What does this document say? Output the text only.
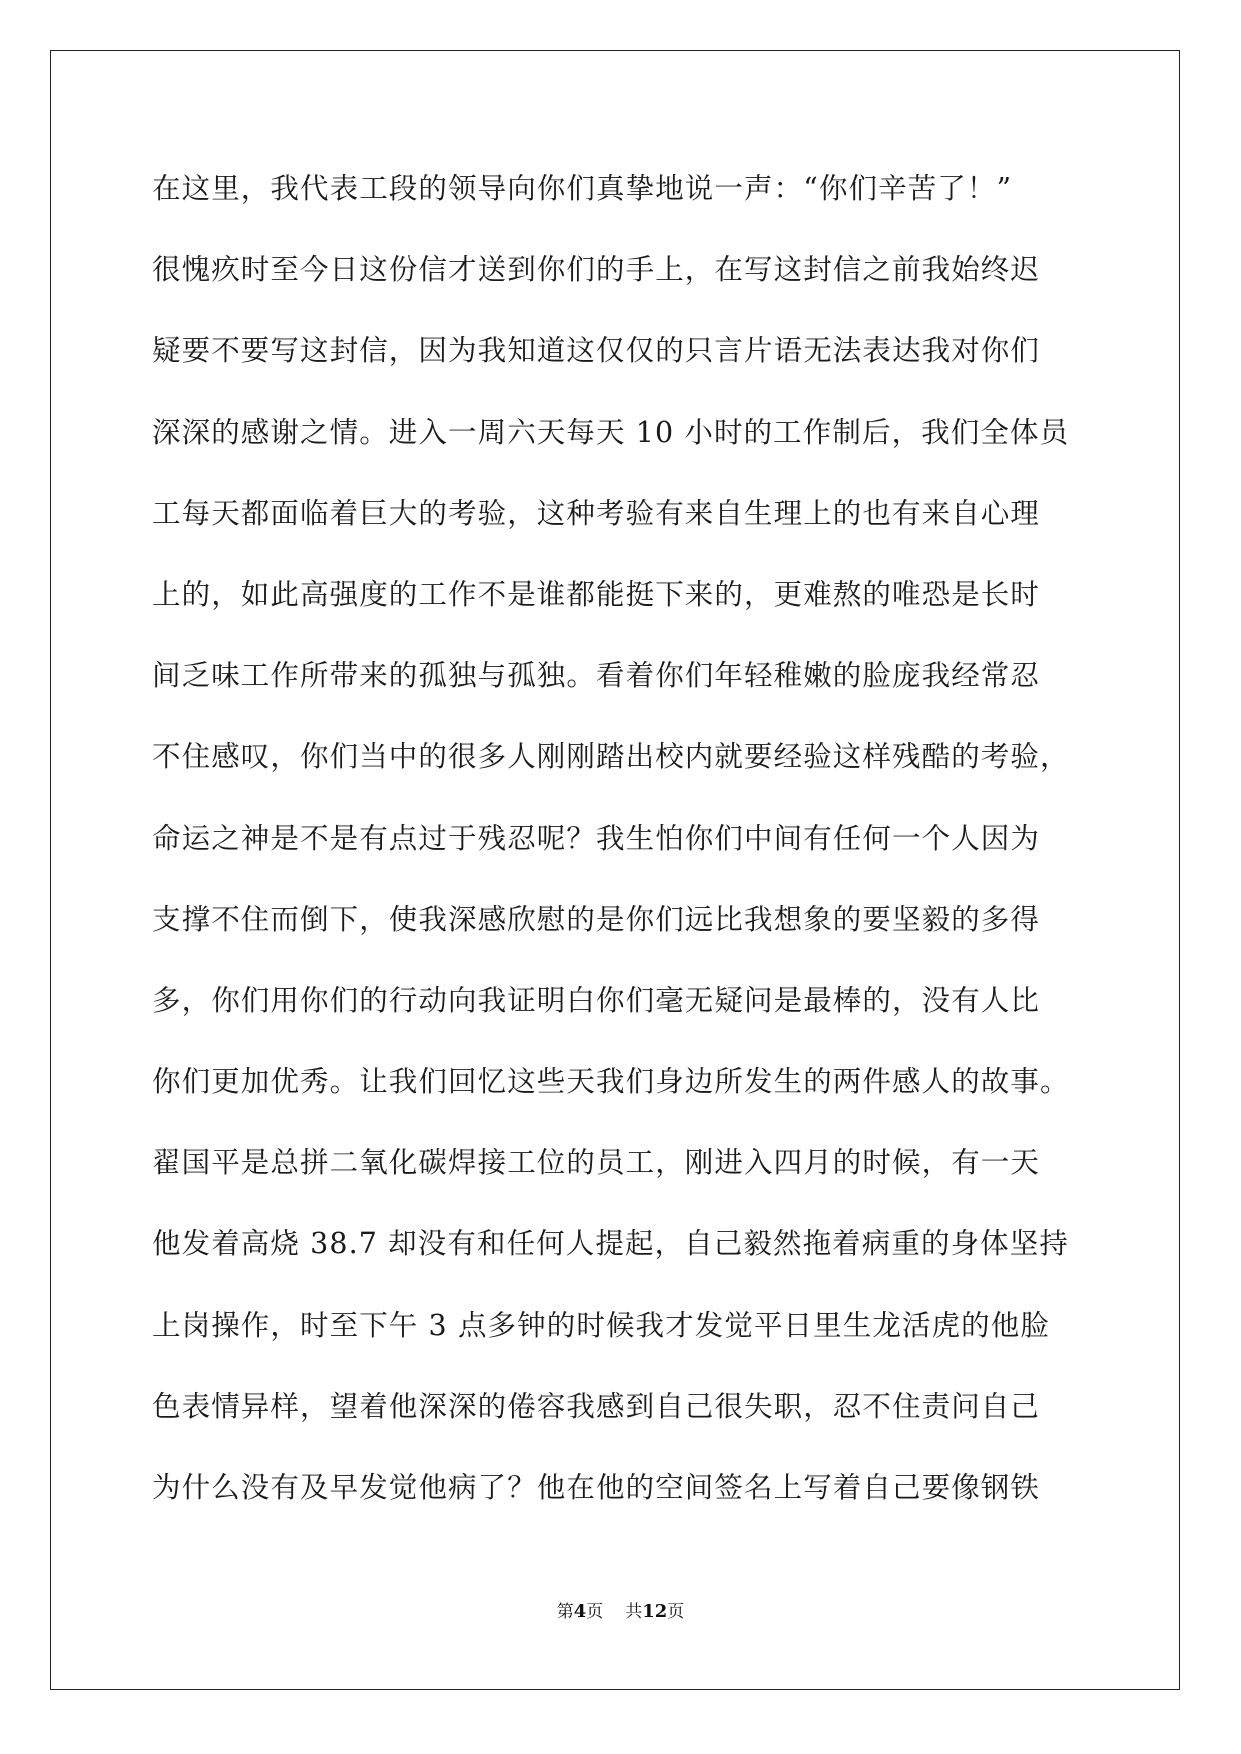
在这里，我代表工段的领导向你们真挚地说一声：“你们辛苦了！”
很愧疚时至今日这份信才送到你们的手上，在写这封信之前我始终迟
疑要不要写这封信，因为我知道这仅仅的只言片语无法表达我对你们
深深的感谢之情。进入一周六天每天 10 小时的工作制后，我们全体员
工每天都面临着巨大的考验，这种考验有来自生理上的也有来自心理
上的，如此高强度的工作不是谁都能挺下来的，更难熬的唯恐是长时
间乏味工作所带来的孤独与孤独。看着你们年轻稚嫩的脸庞我经常忍
不住感叹，你们当中的很多人刚刚踏出校内就要经验这样残酷的考验，
命运之神是不是有点过于残忍呢？我生怕你们中间有任何一个人因为
支撑不住而倒下，使我深感欣慰的是你们远比我想象的要坚毅的多得
多，你们用你们的行动向我证明白你们毫无疑问是最棒的，没有人比
你们更加优秀。让我们回忆这些天我们身边所发生的两件感人的故事。
翟国平是总拼二氧化碳焊接工位的员工，刚进入四月的时候，有一天
他发着高烧 38.7 却没有和任何人提起，自己毅然拖着病重的身体坚持
上岗操作，时至下午 3 点多钟的时候我才发觉平日里生龙活虎的他脸
色表情异样，望着他深深的倦容我感到自己很失职，忍不住责问自己
为什么没有及早发觉他病了？他在他的空间签名上写着自己要像钢铁
第4页 共12页
